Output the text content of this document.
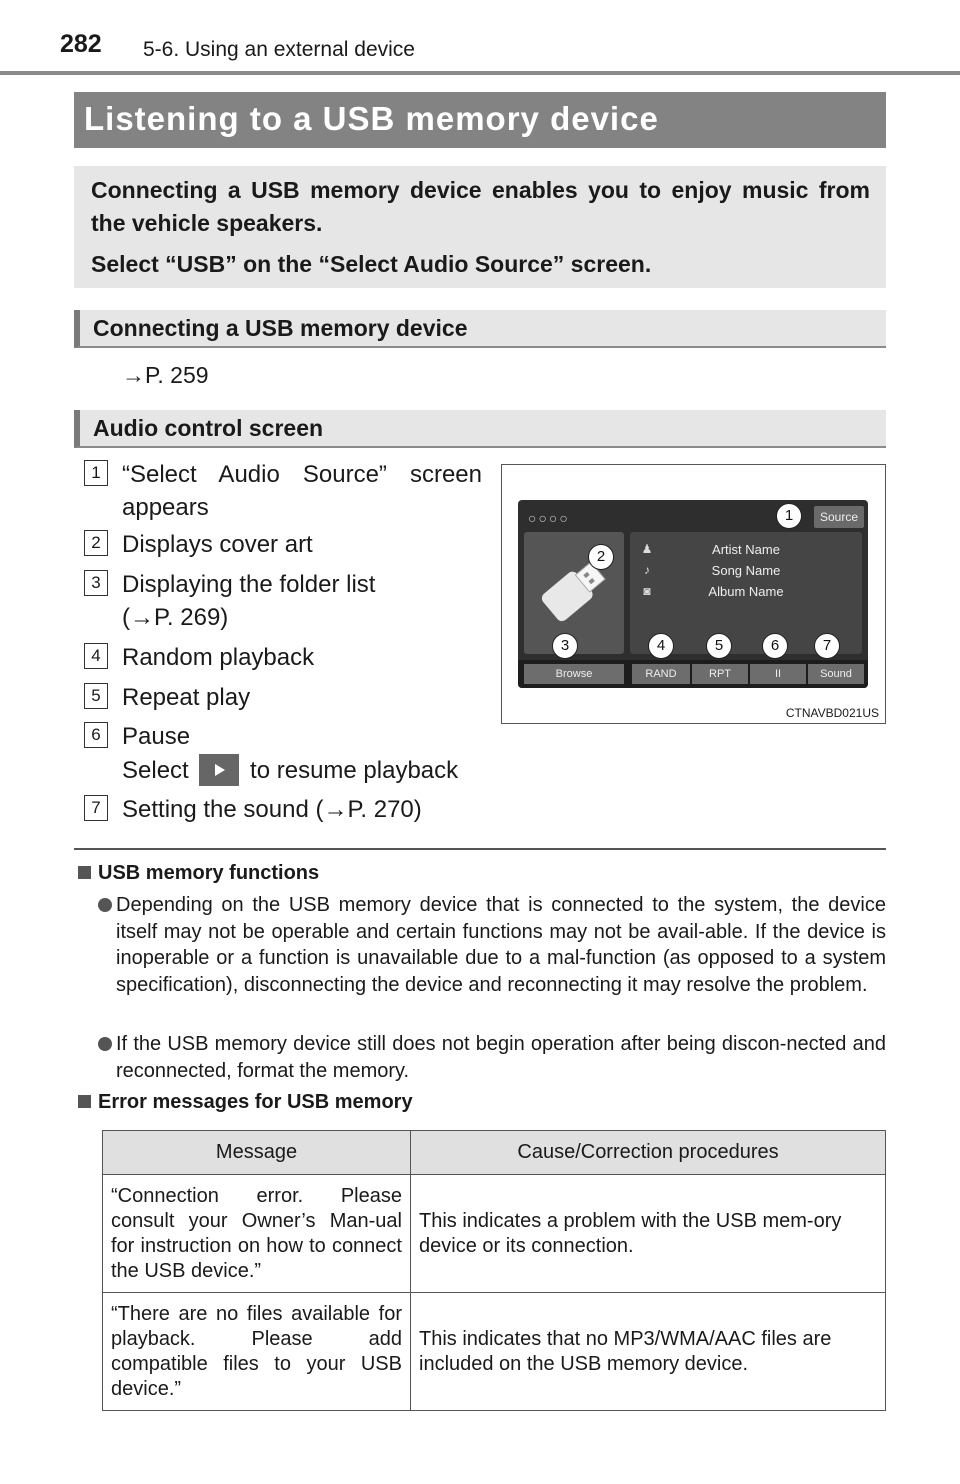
282 5-6. Using an external device
Listening to a USB memory device

Connecting a USB memory device enables you to enjoy music from the vehicle speakers.

Select “USB” on the “Select Audio Source” screen.

Connecting a USB memory device
→P. 259
Audio control screen
1 “Select Audio Source” screen appears
2 Displays cover art
3 Displaying the folder list (→P. 269)
4 Random playback
5 Repeat play
6 Pause
Select	to resume playback
7 Setting the sound (→P. 270)
○○○○	Source
♟	Artist Name
♪	Song Name
◙	Album Name
Browse	RAND	RPT	II	Sound
1
2
3	4	5	6	7
CTNAVBD021US
USB memory functions
Depending on the USB memory device that is connected to the system, the device itself may not be operable and certain functions may not be avail-able. If the device is inoperable or a function is unavailable due to a mal-function (as opposed to a system specification), disconnecting the device and reconnecting it may resolve the problem.
If the USB memory device still does not begin operation after being discon-nected and reconnected, format the memory.
Error messages for USB memory
Message	Cause/Correction procedures
“Connection error. Please consult your Owner’s Man-ual for instruction on how to connect the USB device.”	This indicates a problem with the USB mem-ory device or its connection.
“There are no files available for playback. Please add compatible files to your USB device.”	This indicates that no MP3/WMA/AAC files are included on the USB memory device.
